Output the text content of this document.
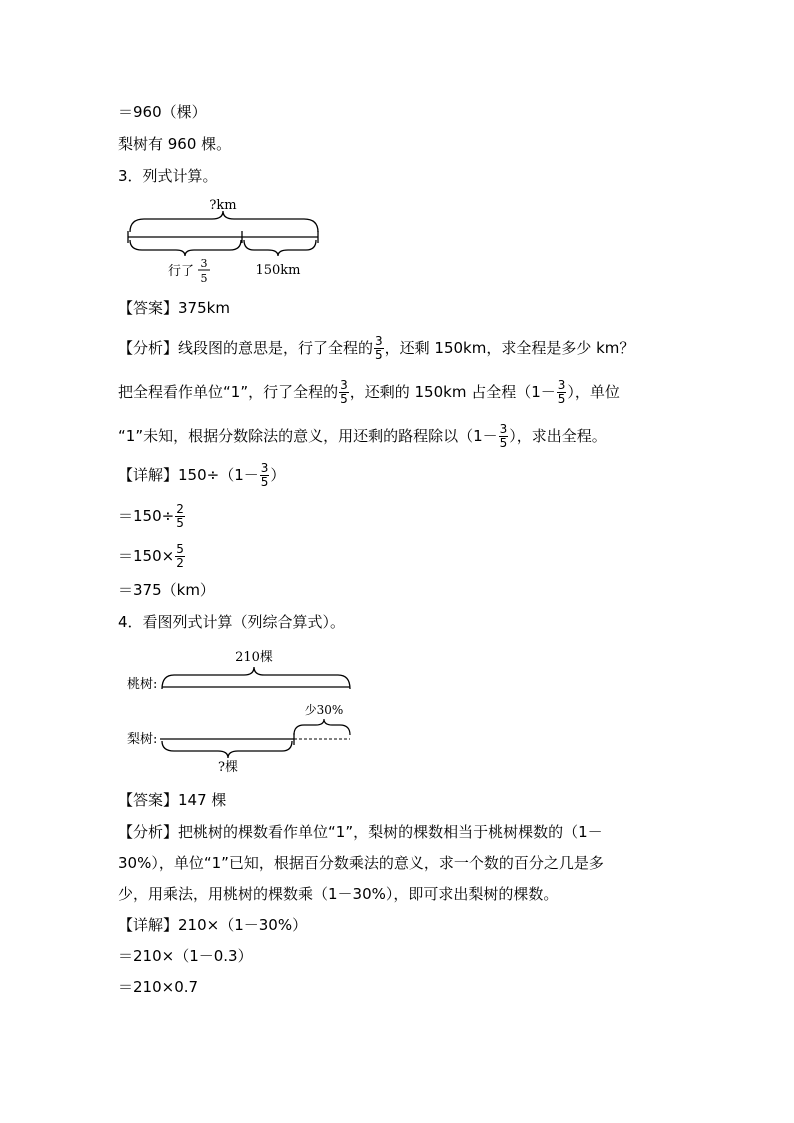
＝960（棵）
梨树有 960 棵。
3．列式计算。
?km
行了
3
5
150km
【答案】375km
【分析】线段图的意思是，行了全程的 $\frac{3}{5}$ ，还剩 150km，求全程是多少 km？
把全程看作单位“1”，行了全程的 $\frac{3}{5}$ ，还剩的 150km 占全程（$1- \frac{3}{5}$ ），单位
“1”未知，根据分数除法的意义，用还剩的路程除以（$1- \frac{3}{5}$ ），求出全程。
【详解】$150\div(1- \frac{3}{5}$ ）
$=150\div \frac{2}{5}$
$=150\times \frac{5}{2}$
＝375（km）
4．看图列式计算（列综合算式）。
210棵
桃树:
少30%
梨树:
?棵
【答案】147 棵
【分析】把桃树的棵数看作单位“1”，梨树的棵数相当于桃树棵数的（1－
30%），单位“1”已知，根据百分数乘法的意义，求一个数的百分之几是多
少，用乘法，用桃树的棵数乘（1－30%），即可求出梨树的棵数。
【详解】210×（1－30%）
＝210×（1－0.3）
＝210×0.7
